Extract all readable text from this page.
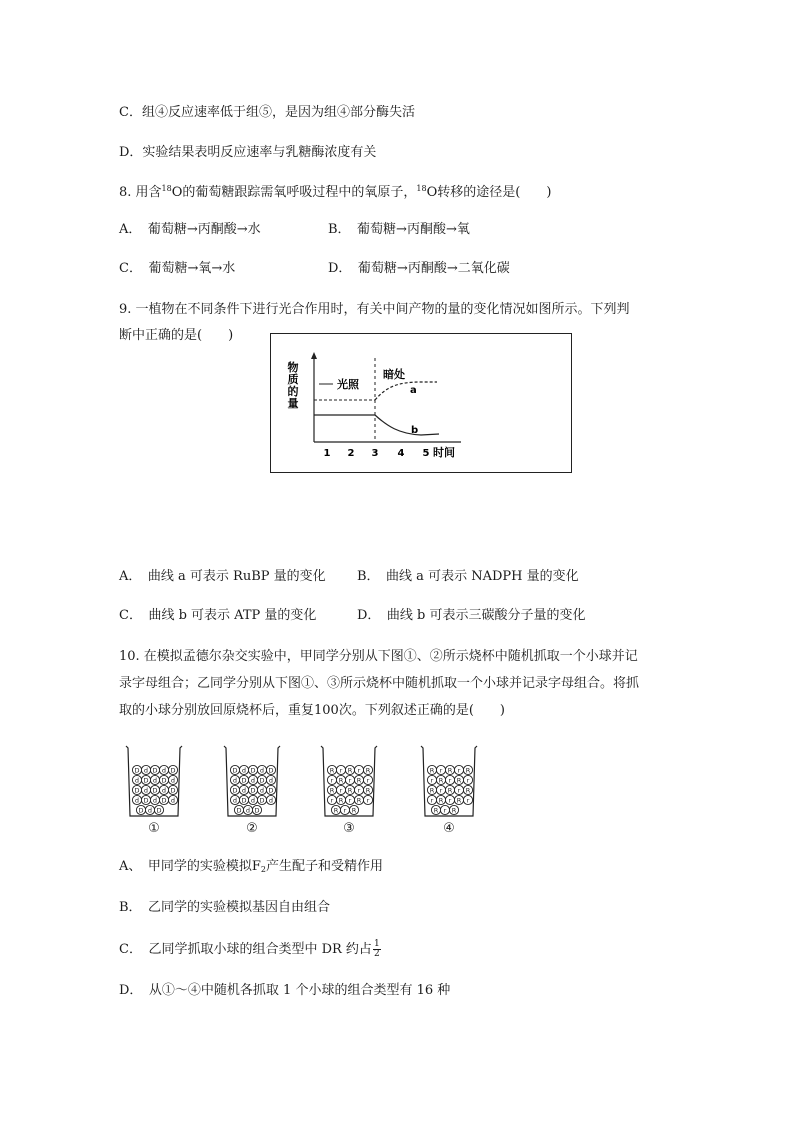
C．组④反应速率低于组⑤，是因为组④部分酶失活
D．实验结果表明反应速率与乳糖酶浓度有关
8. 用含$^{18}$O的葡萄糖跟踪需氧呼吸过程中的氧原子，$^{18}$O转移的途径是(　　)
A．　葡萄糖→丙酮酸→水	B．　葡萄糖→丙酮酸→氧
C．　葡萄糖→氧→水	D．　葡萄糖→丙酮酸→二氧化碳
9. 一植物在不同条件下进行光合作用时，有关中间产物的量的变化情况如图所示。下列判
断中正确的是(　　)
物
质
的
量
光照
暗处
a
b
1 2 3 4 5 时间
A．　曲线 a 可表示 RuBP 量的变化 B．　曲线 a 可表示 NADPH 量的变化
C．　曲线 b 可表示 ATP 量的变化	D．　曲线 b 可表示三碳酸分子量的变化
10. 在模拟孟德尔杂交实验中，甲同学分别从下图①、②所示烧杯中随机抓取一个小球并记
录字母组合；乙同学分别从下图①、③所示烧杯中随机抓取一个小球并记录字母组合。将抓
取的小球分别放回原烧杯后，重复100次。下列叙述正确的是(　　)
D d D
d D d D d
D d D d D
d D d D d
D d D d D
①
D d D
d D d D d
D d D d D
d D d D d
D d D d D
②
R r R
r R r R r
R r R r R
r R r R r
R r R r R
③
R r R
r R r R r
R r R r R
r R r R r
R r R r R
④
A、　甲同学的实验模拟$F_2$产生配子和受精作用
B．　乙同学的实验模拟基因自由组合
C．　乙同学抓取小球的组合类型中 DR 约占 $\frac{1}{2}$
D．　从①～④中随机各抓取 1 个小球的组合类型有 16 种
